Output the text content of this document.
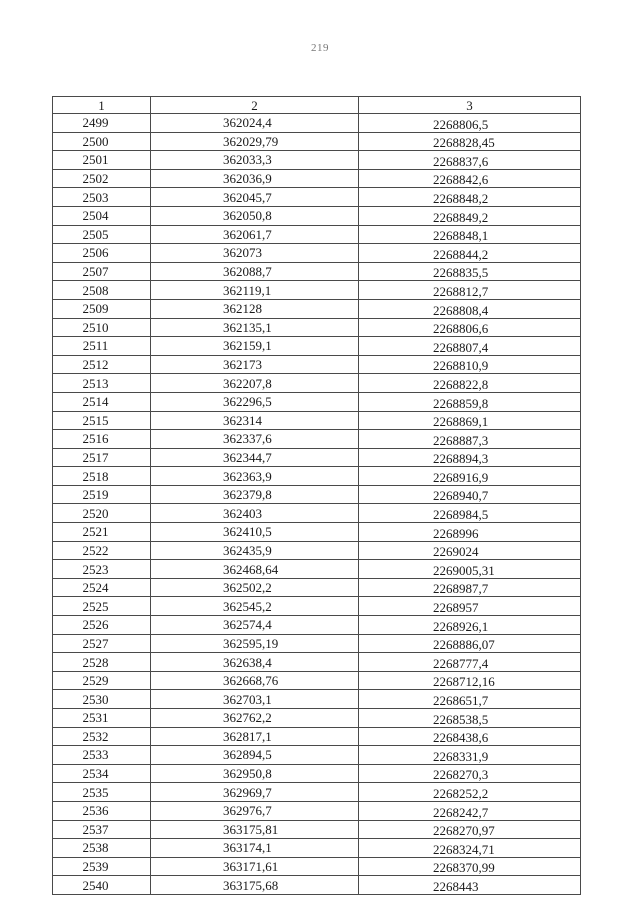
219
1	2	3
2499	362024,4	2268806,5
2500	362029,79	2268828,45
2501	362033,3	2268837,6
2502	362036,9	2268842,6
2503	362045,7	2268848,2
2504	362050,8	2268849,2
2505	362061,7	2268848,1
2506	362073	2268844,2
2507	362088,7	2268835,5
2508	362119,1	2268812,7
2509	362128	2268808,4
2510	362135,1	2268806,6
2511	362159,1	2268807,4
2512	362173	2268810,9
2513	362207,8	2268822,8
2514	362296,5	2268859,8
2515	362314	2268869,1
2516	362337,6	2268887,3
2517	362344,7	2268894,3
2518	362363,9	2268916,9
2519	362379,8	2268940,7
2520	362403	2268984,5
2521	362410,5	2268996
2522	362435,9	2269024
2523	362468,64	2269005,31
2524	362502,2	2268987,7
2525	362545,2	2268957
2526	362574,4	2268926,1
2527	362595,19	2268886,07
2528	362638,4	2268777,4
2529	362668,76	2268712,16
2530	362703,1	2268651,7
2531	362762,2	2268538,5
2532	362817,1	2268438,6
2533	362894,5	2268331,9
2534	362950,8	2268270,3
2535	362969,7	2268252,2
2536	362976,7	2268242,7
2537	363175,81	2268270,97
2538	363174,1	2268324,71
2539	363171,61	2268370,99
2540	363175,68	2268443
